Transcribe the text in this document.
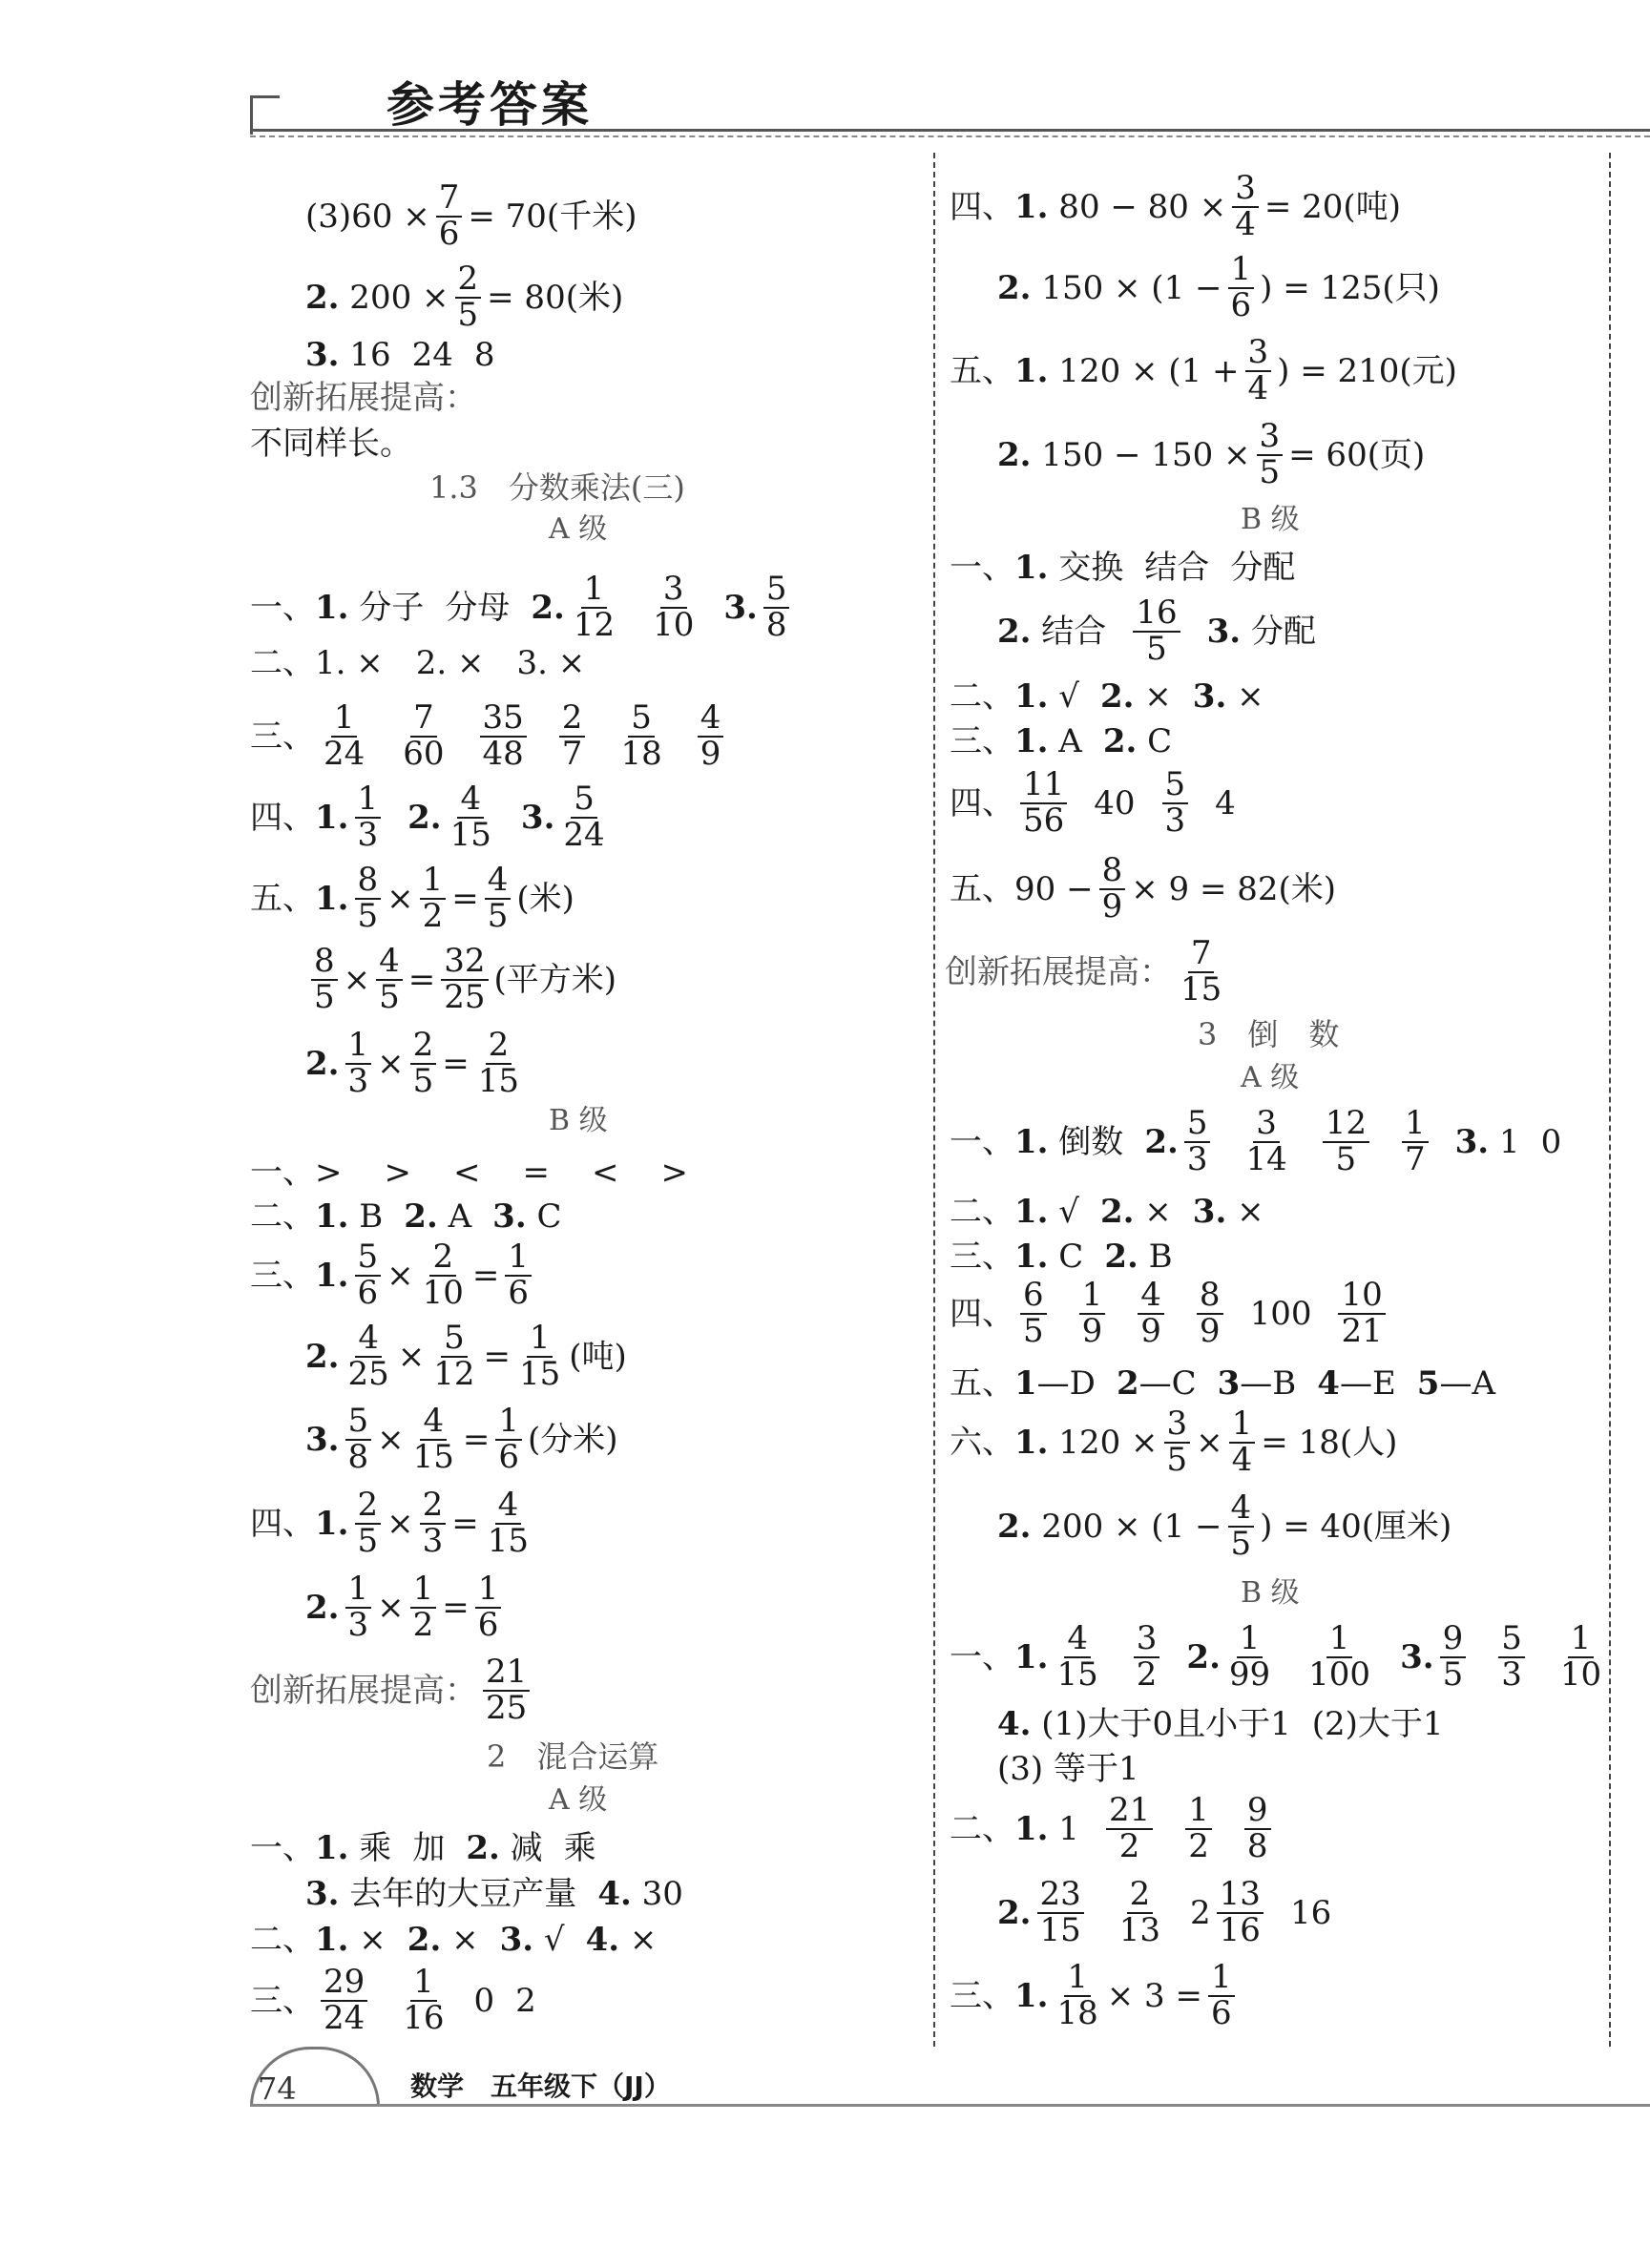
参考答案
(3)60 × 7
6 = 70(千米)
2. 200 × 2
5 = 80(米)
3. 16 24 8
创新拓展提高：
不同样长。
1.3　分数乘法(三)
A 级
一、 1. 分子 分母 2. 1
12
3
10 3. 5
8
二、1. ×　2. ×　3. ×
三、 1
24
7
60
35
48
2
7
5
18
4
9
四、 1. 1
3 2. 4
15 3. 5
24
五、 1. 8
5 × 1
2 = 4
5 (米)
8
5 × 4
5 = 32
25 (平方米)
2. 1
3 × 2
5 = 2
15
B 级
一、> > < = < >
二、 1. B 2. A 3. C
三、 1. 5
6 × 2
10 = 1
6
2. 4
25 × 5
12 = 1
15 (吨)
3. 5
8 × 4
15 = 1
6 (分米)
四、 1. 2
5 × 2
3 = 4
15
2. 1
3 × 1
2 = 1
6
创新拓展提高： 21
25
2　混合运算
A 级
一、 1. 乘 加 2. 减 乘
3. 去年的大豆产量 4. 30
二、 1. × 2. × 3. √ 4. ×
三、 29
24
1
16 0 2
四、 1. 80 − 80 × 3
4 = 20(吨)
2. 150 × (1 − 1
6 ) = 125(只)
五、 1. 120 × (1 + 3
4 ) = 210(元)
2. 150 − 150 × 3
5 = 60(页)
B 级
一、 1. 交换 结合 分配
2. 结合 16
5 3. 分配
二、 1. √ 2. × 3. ×
三、 1. A 2. C
四、 11
56 40 5
3 4
五、90 − 8
9 × 9 = 82(米)
创新拓展提高： 7
15
3　倒　数
A 级
一、 1. 倒数 2. 5
3
3
14
12
5
1
7 3. 1 0
二、 1. √ 2. × 3. ×
三、 1. C 2. B
四、 6
5
1
9
4
9
8
9 100 10
21
五、 1 —D 2 —C 3 —B 4 —E 5 —A
六、 1. 120 × 3
5 × 1
4 = 18(人)
2. 200 × (1 − 4
5 ) = 40(厘米)
B 级
一、 1. 4
15
3
2 2. 1
99
1
100 3. 9
5
5
3
1
10
4. (1)大于0且小于1 (2)大于1
(3) 等于1
二、 1. 1 21
2
1
2
9
8
2. 23
15
2
13 2 13
16 16
三、 1. 1
18 × 3 = 1
6
74	数学　五年级下（JJ）
